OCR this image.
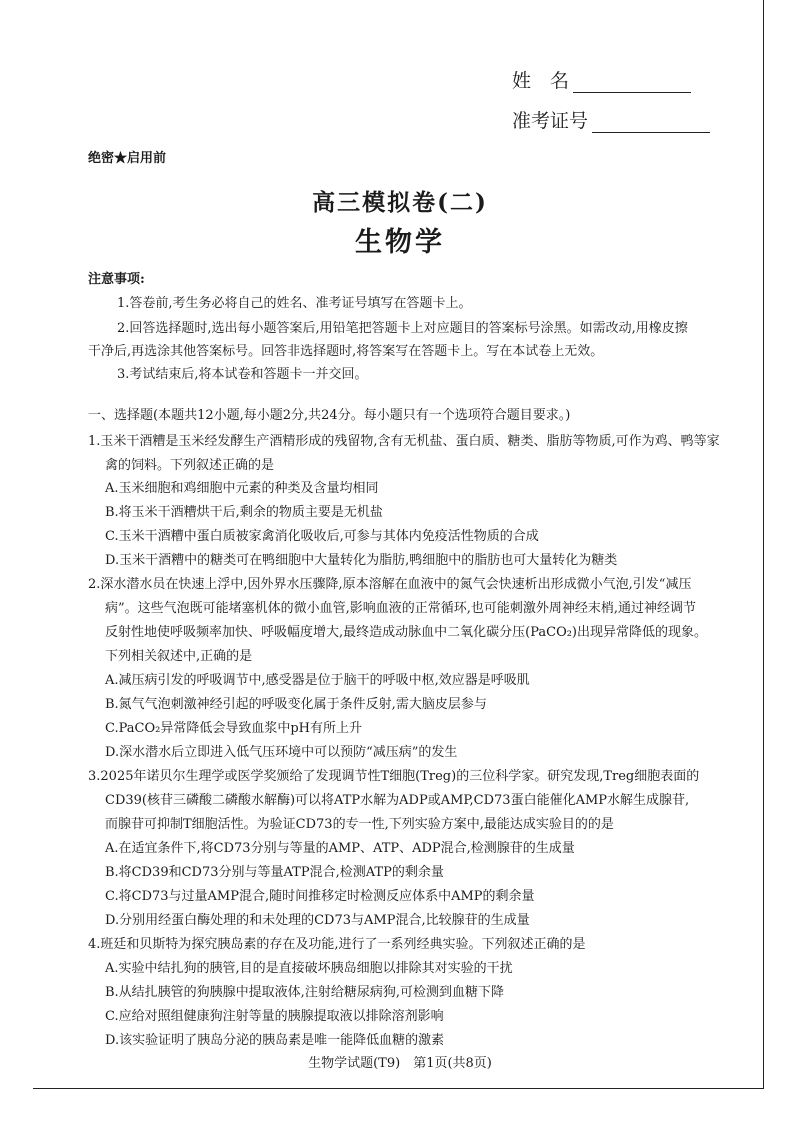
姓　名
准考证号
绝密★启用前
高三模拟卷(二)
生物学
注意事项:
1.答卷前,考生务必将自己的姓名、准考证号填写在答题卡上。
2.回答选择题时,选出每小题答案后,用铅笔把答题卡上对应题目的答案标号涂黑。如需改动,用橡皮擦
干净后,再选涂其他答案标号。回答非选择题时,将答案写在答题卡上。写在本试卷上无效。
3.考试结束后,将本试卷和答题卡一并交回。
一、选择题(本题共12小题,每小题2分,共24分。每小题只有一个选项符合题目要求。)
1.玉米干酒糟是玉米经发酵生产酒精形成的残留物,含有无机盐、蛋白质、糖类、脂肪等物质,可作为鸡、鸭等家
禽的饲料。下列叙述正确的是
A.玉米细胞和鸡细胞中元素的种类及含量均相同
B.将玉米干酒糟烘干后,剩余的物质主要是无机盐
C.玉米干酒糟中蛋白质被家禽消化吸收后,可参与其体内免疫活性物质的合成
D.玉米干酒糟中的糖类可在鸭细胞中大量转化为脂肪,鸭细胞中的脂肪也可大量转化为糖类
2.深水潜水员在快速上浮中,因外界水压骤降,原本溶解在血液中的氮气会快速析出形成微小气泡,引发“减压
病”。这些气泡既可能堵塞机体的微小血管,影响血液的正常循环,也可能刺激外周神经末梢,通过神经调节
反射性地使呼吸频率加快、呼吸幅度增大,最终造成动脉血中二氧化碳分压(PaCO₂)出现异常降低的现象。
下列相关叙述中,正确的是
A.减压病引发的呼吸调节中,感受器是位于脑干的呼吸中枢,效应器是呼吸肌
B.氮气气泡刺激神经引起的呼吸变化属于条件反射,需大脑皮层参与
C.PaCO₂异常降低会导致血浆中pH有所上升
D.深水潜水后立即进入低气压环境中可以预防“减压病”的发生
3.2025年诺贝尔生理学或医学奖颁给了发现调节性T细胞(Treg)的三位科学家。研究发现,Treg细胞表面的
CD39(核苷三磷酸二磷酸水解酶)可以将ATP水解为ADP或AMP,CD73蛋白能催化AMP水解生成腺苷,
而腺苷可抑制T细胞活性。为验证CD73的专一性,下列实验方案中,最能达成实验目的的是
A.在适宜条件下,将CD73分别与等量的AMP、ATP、ADP混合,检测腺苷的生成量
B.将CD39和CD73分别与等量ATP混合,检测ATP的剩余量
C.将CD73与过量AMP混合,随时间推移定时检测反应体系中AMP的剩余量
D.分别用经蛋白酶处理的和未处理的CD73与AMP混合,比较腺苷的生成量
4.班廷和贝斯特为探究胰岛素的存在及功能,进行了一系列经典实验。下列叙述正确的是
A.实验中结扎狗的胰管,目的是直接破坏胰岛细胞以排除其对实验的干扰
B.从结扎胰管的狗胰腺中提取液体,注射给糖尿病狗,可检测到血糖下降
C.应给对照组健康狗注射等量的胰腺提取液以排除溶剂影响
D.该实验证明了胰岛分泌的胰岛素是唯一能降低血糖的激素
生物学试题(T9)　第1页(共8页)
